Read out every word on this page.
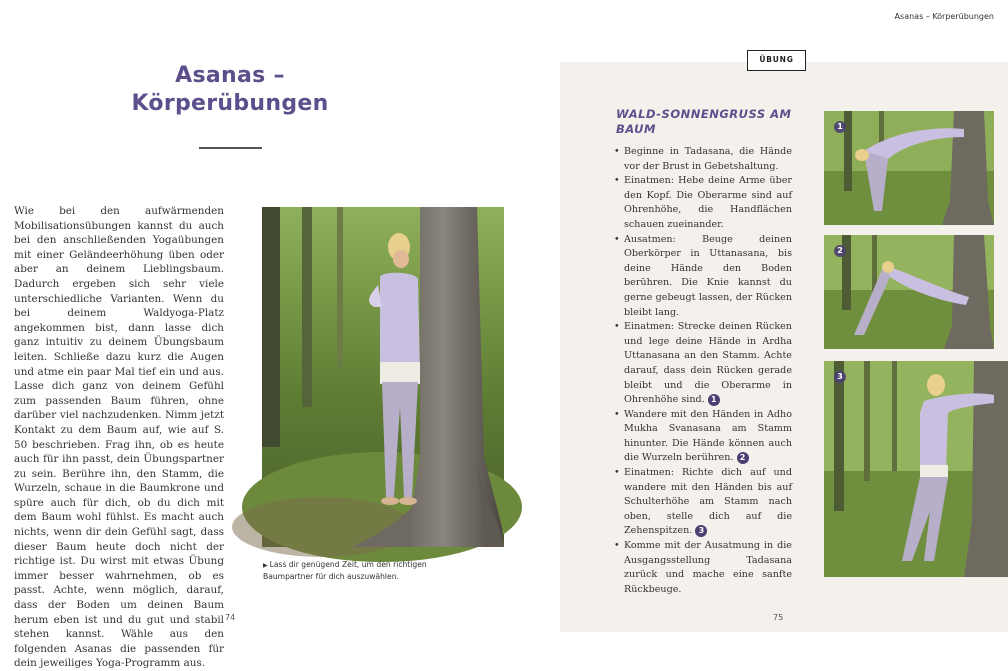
Asanas –
Körperübungen

Wie bei den aufwärmenden Mobilisationsübungen kannst du auch bei den anschließenden Yogaübungen mit einer Geländeerhöhung üben oder aber an deinem Lieblingsbaum. Dadurch ergeben sich sehr viele unterschiedliche Varianten. Wenn du bei deinem Waldyoga-Platz angekommen bist, dann lasse dich ganz intuitiv zu deinem Übungsbaum leiten. Schließe dazu kurz die Augen und atme ein paar Mal tief ein und aus. Lasse dich ganz von deinem Gefühl zum passenden Baum führen, ohne darüber viel nachzudenken. Nimm jetzt Kontakt zu dem Baum auf, wie auf S. 50 beschrieben. Frag ihn, ob es heute auch für ihn passt, dein Übungspartner zu sein. Berühre ihn, den Stamm, die Wurzeln, schaue in die Baumkrone und spüre auch für dich, ob du dich mit dem Baum wohl fühlst. Es macht auch nichts, wenn dir dein Gefühl sagt, dass dieser Baum heute doch nicht der richtige ist. Du wirst mit etwas Übung immer besser wahrnehmen, ob es passt. Achte, wenn möglich, darauf, dass der Boden um deinen Baum herum eben ist und du gut und stabil stehen kannst. Wähle aus den folgenden Asanas die passenden für dein jeweiliges Yoga-Programm aus.

▶ Lass dir genügend Zeit, um den richtigen Baumpartner für dich auszuwählen.
74
Asanas – Körperübungen
ÜBUNG
WALD-SONNENGRUSS AM BAUM
• Beginne in Tadasana, die Hände vor der Brust in Gebetshaltung.
• Einatmen: Hebe deine Arme über den Kopf. Die Oberarme sind auf Ohrenhöhe, die Handflächen schauen zueinander.
• Ausatmen: Beuge deinen Oberkörper in Uttanasana, bis deine Hände den Boden berühren. Die Knie kannst du gerne gebeugt lassen, der Rücken bleibt lang.
• Einatmen: Strecke deinen Rücken und lege deine Hände in Ardha Uttanasana an den Stamm. Achte darauf, dass dein Rücken gerade bleibt und die Oberarme in Ohrenhöhe sind. 1
• Wandere mit den Händen in Adho Mukha Svanasana am Stamm hinunter. Die Hände können auch die Wurzeln berühren. 2
• Einatmen: Richte dich auf und wandere mit den Händen bis auf Schulterhöhe am Stamm nach oben, stelle dich auf die Zehenspitzen. 3
• Komme mit der Ausatmung in die Ausgangsstellung Tadasana zurück und mache eine sanfte Rückbeuge.
1
2
3
75
